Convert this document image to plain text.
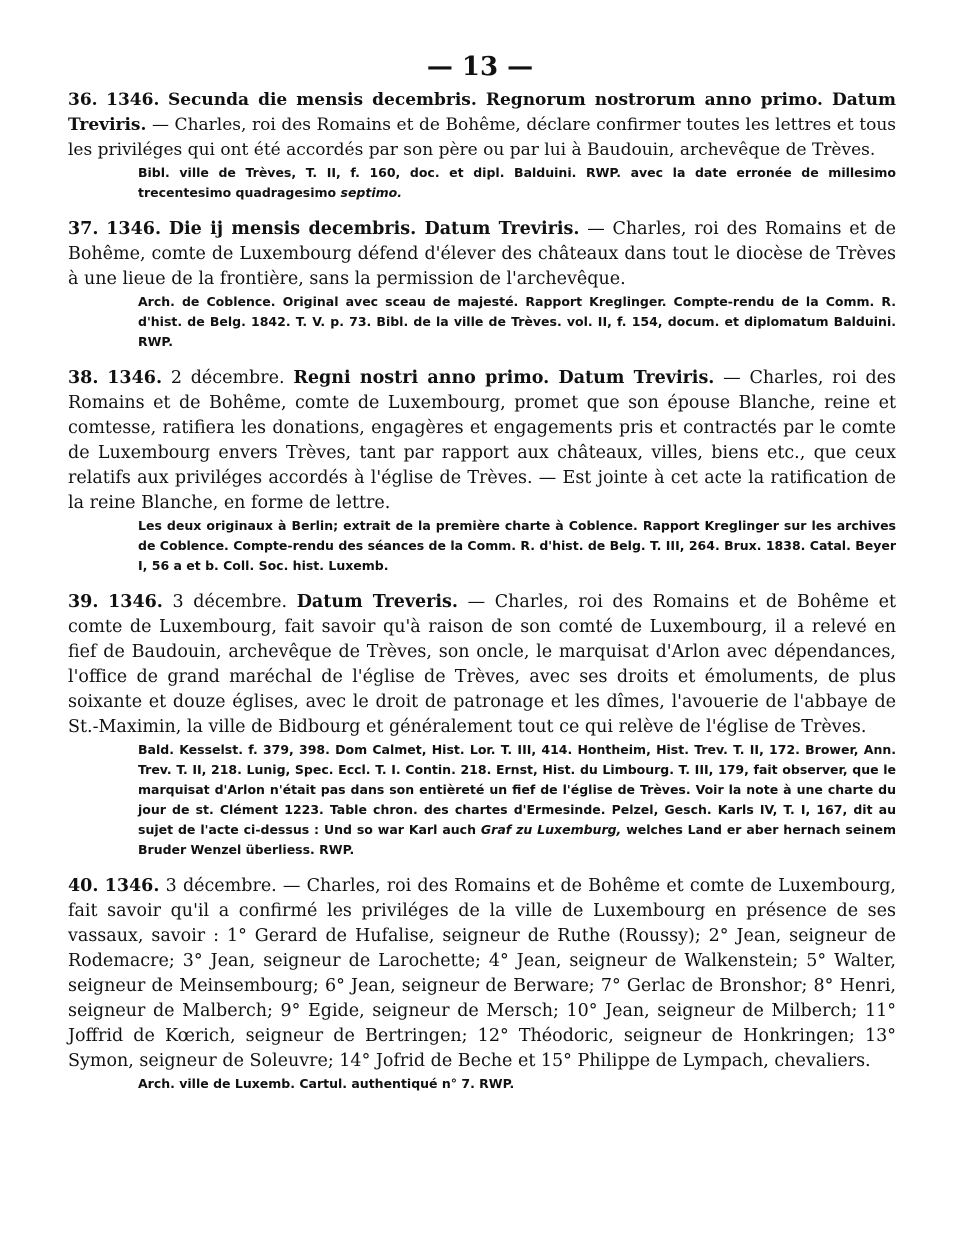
— 13 —

36. 1346. Secunda die mensis decembris. Regnorum nostrorum anno primo. Datum Treviris. — Charles, roi des Romains et de Bohême, déclare confirmer toutes les lettres et tous les priviléges qui ont été accordés par son père ou par lui à Baudouin, archevêque de Trèves.

Bibl. ville de Trèves, T. II, f. 160, doc. et dipl. Balduini. RWP. avec la date erronée de millesimo trecentesimo quadragesimo septimo.

37. 1346. Die ij mensis decembris. Datum Treviris. — Charles, roi des Romains et de Bohême, comte de Luxembourg défend d'élever des châteaux dans tout le diocèse de Trèves à une lieue de la frontière, sans la permission de l'archevêque.

Arch. de Coblence. Original avec sceau de majesté. Rapport Kreglinger. Compte-rendu de la Comm. R. d'hist. de Belg. 1842. T. V. p. 73. Bibl. de la ville de Trèves. vol. II, f. 154, docum. et diplomatum Balduini. RWP.

38. 1346. 2 décembre. Regni nostri anno primo. Datum Treviris. — Charles, roi des Romains et de Bohême, comte de Luxembourg, promet que son épouse Blanche, reine et comtesse, ratifiera les donations, engagères et engagements pris et contractés par le comte de Luxembourg envers Trèves, tant par rapport aux châteaux, villes, biens etc., que ceux relatifs aux priviléges accordés à l'église de Trèves. — Est jointe à cet acte la ratification de la reine Blanche, en forme de lettre.

Les deux originaux à Berlin; extrait de la première charte à Coblence. Rapport Kreglinger sur les archives de Coblence. Compte-rendu des séances de la Comm. R. d'hist. de Belg. T. III, 264. Brux. 1838. Catal. Beyer I, 56 a et b. Coll. Soc. hist. Luxemb.

39. 1346. 3 décembre. Datum Treveris. — Charles, roi des Romains et de Bohême et comte de Luxembourg, fait savoir qu'à raison de son comté de Luxembourg, il a relevé en fief de Baudouin, archevêque de Trèves, son oncle, le marquisat d'Arlon avec dépendances, l'office de grand maréchal de l'église de Trèves, avec ses droits et émoluments, de plus soixante et douze églises, avec le droit de patronage et les dîmes, l'avouerie de l'abbaye de St.-Maximin, la ville de Bidbourg et généralement tout ce qui relève de l'église de Trèves.

Bald. Kesselst. f. 379, 398. Dom Calmet, Hist. Lor. T. III, 414. Hontheim, Hist. Trev. T. II, 172. Brower, Ann. Trev. T. II, 218. Lunig, Spec. Eccl. T. I. Contin. 218. Ernst, Hist. du Limbourg. T. III, 179, fait observer, que le marquisat d'Arlon n'était pas dans son entièreté un fief de l'église de Trèves. Voir la note à une charte du jour de st. Clément 1223. Table chron. des chartes d'Ermesinde. Pelzel, Gesch. Karls IV, T. I, 167, dit au sujet de l'acte ci-dessus : Und so war Karl auch Graf zu Luxemburg, welches Land er aber hernach seinem Bruder Wenzel überliess. RWP.

40. 1346. 3 décembre. — Charles, roi des Romains et de Bohême et comte de Luxembourg, fait savoir qu'il a confirmé les priviléges de la ville de Luxembourg en présence de ses vassaux, savoir : 1° Gerard de Hufalise, seigneur de Ruthe (Roussy); 2° Jean, seigneur de Rodemacre; 3° Jean, seigneur de Larochette; 4° Jean, seigneur de Walkenstein; 5° Walter, seigneur de Meinsembourg; 6° Jean, seigneur de Berware; 7° Gerlac de Bronshor; 8° Henri, seigneur de Malberch; 9° Egide, seigneur de Mersch; 10° Jean, seigneur de Milberch; 11° Joffrid de Kœrich, seigneur de Bertringen; 12° Théodoric, seigneur de Honkringen; 13° Symon, seigneur de Soleuvre; 14° Jofrid de Beche et 15° Philippe de Lympach, chevaliers.

Arch. ville de Luxemb. Cartul. authentiqué n° 7. RWP.
